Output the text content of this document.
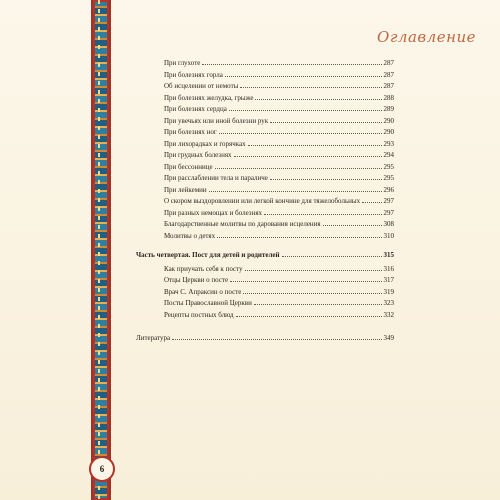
Оглавление
При глухоте	287
При болезнях горла	287
Об исцелении от немоты	287
При болезнях желудка, грыже	288
При болезнях сердца	289
При увечьях или иной болезни рук	290
При болезнях ног	290
При лихорадках и горячках	293
При грудных болезнях	294
При бессоннице	295
При расслаблении тела и параличе	295
При лейкемии	296
О скором выздоровлении или легкой кончине для тяжелобольных	297
При разных немощах и болезнях	297
Благодарственные молитвы по дарования исцеления	308
Молитвы о детях	310
Часть четвертая. Пост для детей и родителей	315
Как приучать себя к посту	316
Отцы Церкви о посте	317
Врач С. Апраксин о посте	319
Посты Православной Церкви	323
Рецепты постных блюд	332
Литература	349
6
